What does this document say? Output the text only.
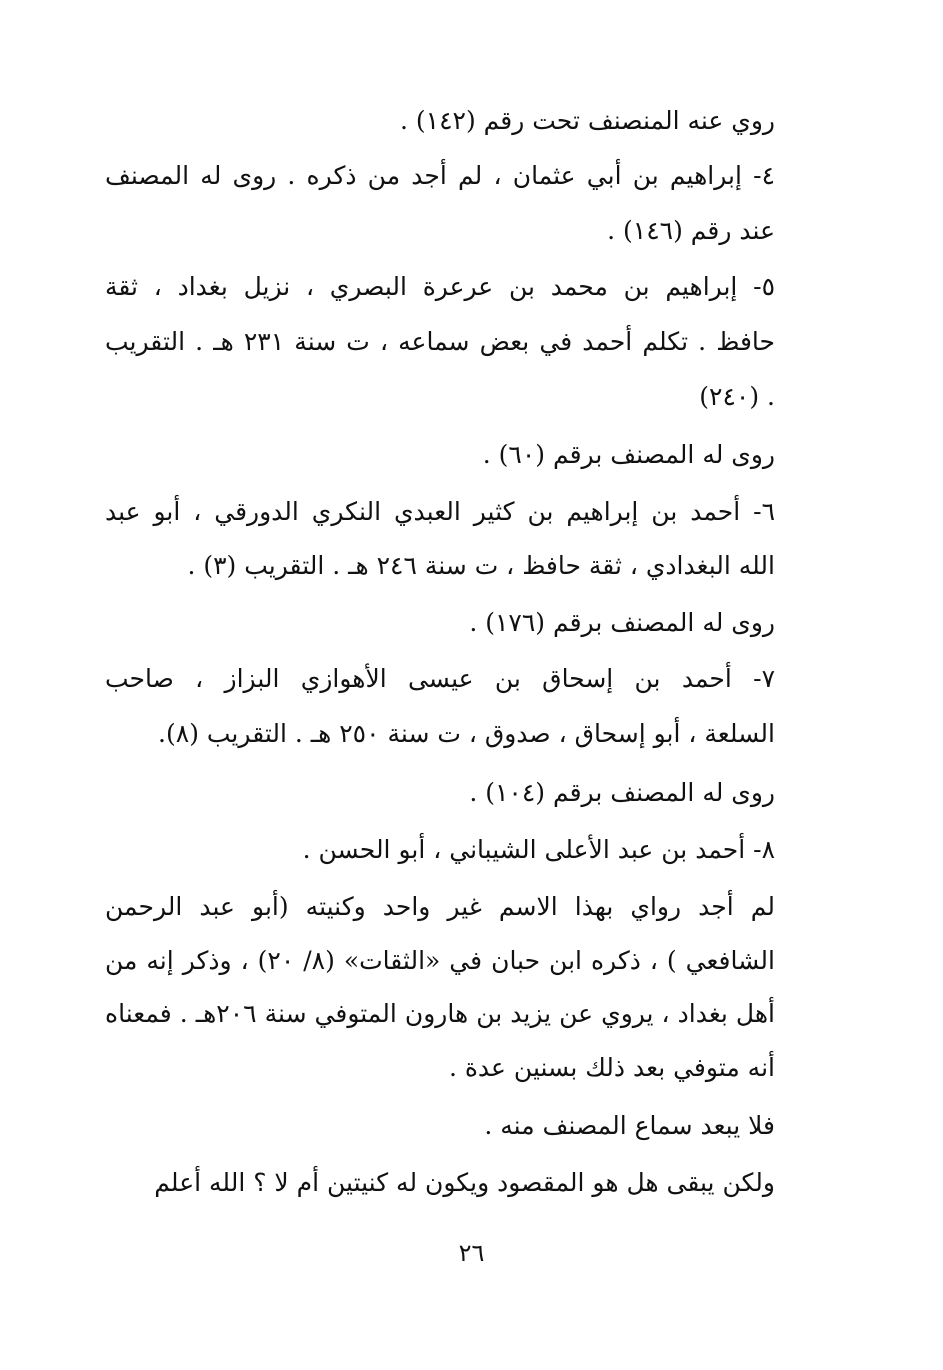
روي عنه المنصنف تحت رقم (١٤٢) .
٤- إبراهيم بن أبي عثمان ، لم أجد من ذكره . روى له المصنف
عند رقم (١٤٦) .
٥- إبراهيم بن محمد بن عرعرة البصري ، نزيل بغداد ، ثقة
حافظ . تكلم أحمد في بعض سماعه ، ت سنة ٢٣١ هـ . التقريب
. (٢٤٠)
روى له المصنف برقم (٦٠) .
٦- أحمد بن إبراهيم بن كثير العبدي النكري الدورقي ، أبو عبد
الله البغدادي ، ثقة حافظ ، ت سنة ٢٤٦ هـ . التقريب (٣) .
روى له المصنف برقم (١٧٦) .
٧- أحمد بن إسحاق بن عيسى الأهوازي البزاز ، صاحب
السلعة ، أبو إسحاق ، صدوق ، ت سنة ٢٥٠ هـ . التقريب (٨).
روى له المصنف برقم (١٠٤) .
٨- أحمد بن عبد الأعلى الشيباني ، أبو الحسن .
لم أجد رواي بهذا الاسم غير واحد وكنيته (أبو عبد الرحمن
الشافعي ) ، ذكره ابن حبان في «الثقات» (٨/ ٢٠) ، وذكر إنه من
أهل بغداد ، يروي عن يزيد بن هارون المتوفي سنة ٢٠٦هـ . فمعناه
أنه متوفي بعد ذلك بسنين عدة .
فلا يبعد سماع المصنف منه .
ولكن يبقى هل هو المقصود ويكون له كنيتين أم لا ؟ الله أعلم
٢٦
